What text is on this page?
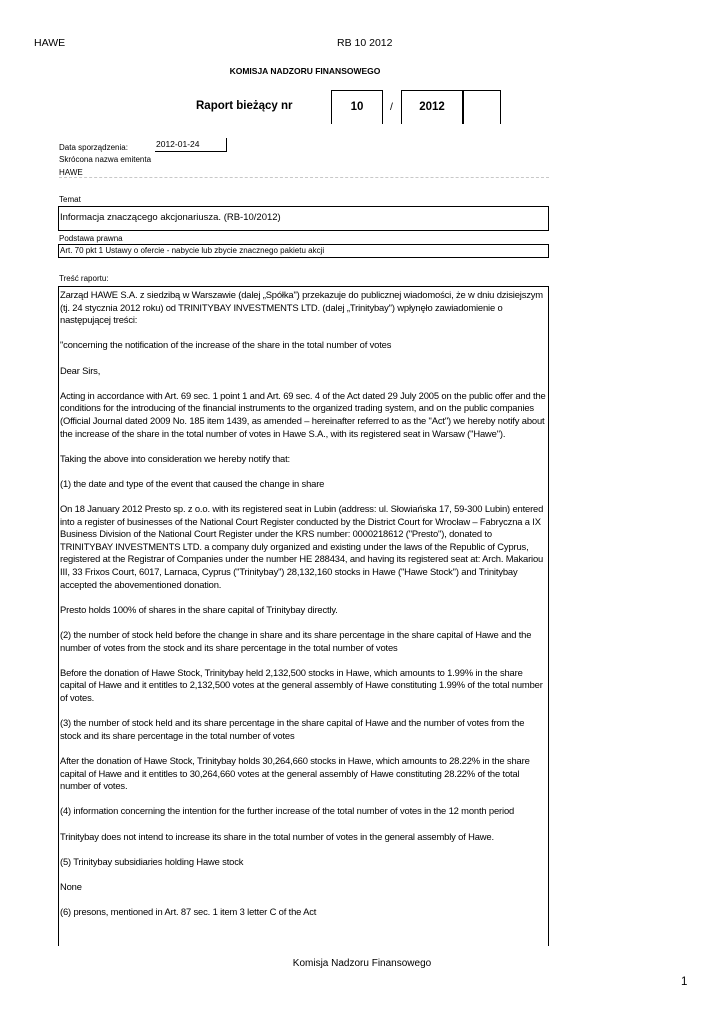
HAWE	RB 10 2012
KOMISJA NADZORU FINANSOWEGO
Raport bieżący nr	10	/	2012
Data sporządzenia:	2012-01-24
Skrócona nazwa emitenta
HAWE
Temat
Informacja znaczącego akcjonariusza. (RB-10/2012)
Podstawa prawna
Art. 70 pkt 1 Ustawy o ofercie - nabycie lub zbycie znacznego pakietu akcji
Treść raportu:

Zarząd HAWE S.A. z siedzibą w Warszawie (dalej „Spółka") przekazuje do publicznej wiadomości, że w dniu dzisiejszym (tj. 24 stycznia 2012 roku) od TRINITYBAY INVESTMENTS LTD. (dalej „Trinitybay") wpłynęło zawiadomienie o następującej treści:

"concerning the notification of the increase of the share in the total number of votes

Dear Sirs,

Acting in accordance with Art. 69 sec. 1 point 1 and Art. 69 sec. 4 of the Act dated 29 July 2005 on the public offer and the conditions for the introducing of the financial instruments to the organized trading system, and on the public companies (Official Journal dated 2009 No. 185 item 1439, as amended – hereinafter referred to as the "Act") we hereby notify about the increase of the share in the total number of votes in Hawe S.A., with its registered seat in Warsaw ("Hawe").

Taking the above into consideration we hereby notify that:

(1) the date and type of the event that caused the change in share

On 18 January 2012 Presto sp. z o.o. with its registered seat in Lubin (address: ul. Słowiańska 17, 59-300 Lubin) entered into a register of businesses of the National Court Register conducted by the District Court for Wrocław – Fabryczna a IX Business Division of the National Court Register under the KRS number: 0000218612 ("Presto"), donated to TRINITYBAY INVESTMENTS LTD. a company duly organized and existing under the laws of the Republic of Cyprus, registered at the Registrar of Companies under the number HE 288434, and having its registered seat at: Arch. Makariou III, 33 Frixos Court, 6017, Larnaca, Cyprus ("Trinitybay") 28,132,160 stocks in Hawe ("Hawe Stock") and Trinitybay accepted the abovementioned donation.

Presto holds 100% of shares in the share capital of Trinitybay directly.

(2) the number of stock held before the change in share and its share percentage in the share capital of Hawe and the number of votes from the stock and its share percentage in the total number of votes

Before the donation of Hawe Stock, Trinitybay held 2,132,500 stocks in Hawe, which amounts to 1.99% in the share capital of Hawe and it entitles to 2,132,500 votes at the general assembly of Hawe constituting 1.99% of the total number of votes.

(3) the number of stock held and its share percentage in the share capital of Hawe and the number of votes from the stock and its share percentage in the total number of votes

After the donation of Hawe Stock, Trinitybay holds 30,264,660 stocks in Hawe, which amounts to 28.22% in the share capital of Hawe and it entitles to 30,264,660 votes at the general assembly of Hawe constituting 28.22% of the total number of votes.

(4) information concerning the intention for the further increase of the total number of votes in the 12 month period

Trinitybay does not intend to increase its share in the total number of votes in the general assembly of Hawe.

(5) Trinitybay subsidiaries holding Hawe stock

None

(6) presons, mentioned in Art. 87 sec. 1 item 3 letter C of the Act

Komisja Nadzoru Finansowego
1
